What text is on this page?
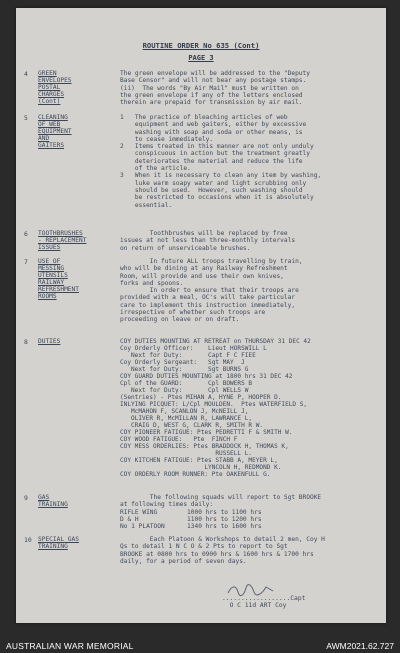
ROUTINE ORDER No 635 (Cont)
PAGE 3
4 GREEN
ENVELOPES
POSTAL
CHARGES
(Cont)
The green envelope will be addressed to the "Deputy
Base Censor" and will not bear any postage stamps.
(ii)  The words "By Air Mail" must be written on
the green envelope if any of the letters enclosed
therein are prepaid for transmission by air mail.
5 CLEANING
OF WEB
EQUIPMENT
AND
GAITERS
1   The practice of bleaching articles of web
equipment and web gaiters, either by excessive
washing with soap and soda or other means, is
to cease immediately.
2   Items treated in this manner are not only unduly
conspicuous in action but the treatment greatly
deteriorates the material and reduce the life
of the article.
3   When it is necessary to clean any item by washing,
luke warm soapy water and light scrubbing only
should be used.  However, such washing should
be restricted to occasions when it is absolutely
essential.
6 TOOTHBRUSHES
- REPLACEMENT
ISSUES
Toothbrushes will be replaced by free
issues at not less than three-monthly intervals
on return of unserviceable brushes.
7 USE OF
MESSING
UTENSILS
RAILWAY
REFRESHMENT
ROOMS
In future ALL troops travelling by train,
who will be dining at any Railway Refreshment
Room, will provide and use their own knives,
forks and spoons.
In order to ensure that their troops are
provided with a meal, OC's will take particular
care to implement this instruction immediately,
irrespective of whether such troops are
proceeding on leave or on draft.
8 DUTIES	COY DUTIES MOUNTING AT RETREAT on THURSDAY 31 DEC 42
Coy Orderly Officer:    Lieut HORSWILL L
Next for Duty:       Capt F C FIEE
Coy Orderly Sergeant:   Sgt MAY  J
Next for Duty:       Sgt BURNS G
COY GUARD DUTIES MOUNTING at 1800 hrs 31 DEC 42
Cpl of the GUARD:       Cpl BOWERS B
Next for Duty:       Cpl WELLS W
(Sentries) - Ptes MIHAN A, HYNE P, HOOPER D.
INLYING PICQUET: L/Cpl MOULDEN.  Ptes WATERFIELD S,
McMAHON F, SCANLON J, McNEILL J,
OLIVER R, McMILLAN R, LAWRANCE L,
CRAIG D, WEST G, CLARK R, SMITH R W.
COY PIONEER FATIGUE: Ptes PEDRETTI F & SMITH W.
COY WOOD FATIGUE:   Pte  FINCH F
COY MESS ORDERLIES: Ptes BRADDOCK H, THOMAS K,
RUSSELL L.
COY KITCHEN FATIGUE: Ptes STABB A, MEYER L,
LYNCOLN H, REDMOND K.
COY ORDERLY ROOM RUNNER: Pte OAKENFULL G.
9 GAS
TRAINING
The following squads will report to Sgt BROOKE
at following times daily:
RIFLE WING        1000 hrs to 1100 hrs
D & H             1100 hrs to 1200 hrs
No 1 PLATOON      1340 hrs to 1600 hrs
10 SPECIAL GAS
TRAINING
Each Platoon & Workshops to detail 2 men, Coy H
Qs to detail 1 N C O & 2 Pts to report to Sgt
BROOKE at 0800 hrs to 0900 hrs & 1600 hrs & 1700 hrs
daily, for a period of seven days.
..................Capt
O C 11d ART Coy
AUSTRALIAN WAR MEMORIAL	AWM2021.62.727
